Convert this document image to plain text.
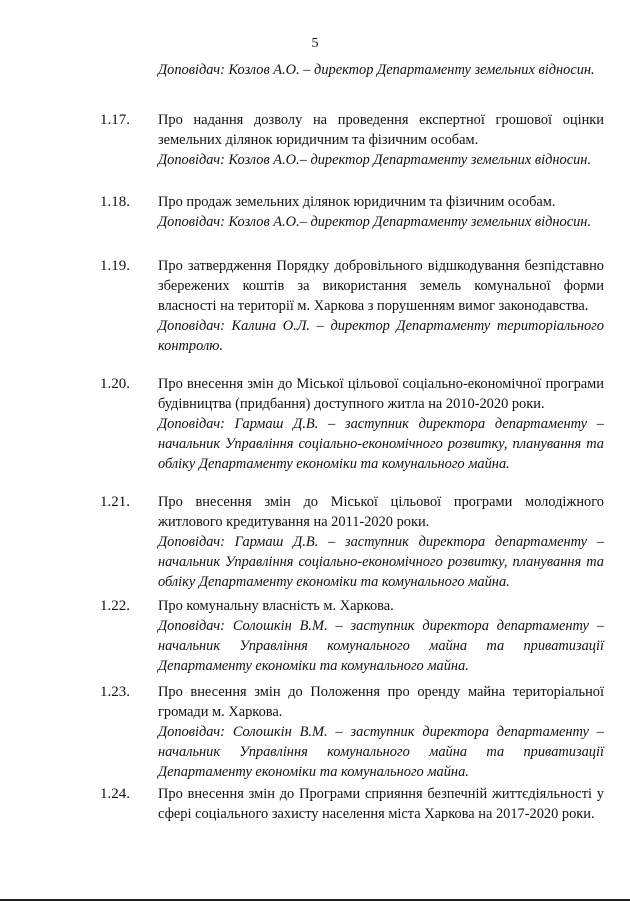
5
Доповідач: Козлов А.О. – директор Департаменту земельних відносин.
1.17.	Про надання дозволу на проведення експертної грошової оцінки земельних ділянок юридичним та фізичним особам.
Доповідач: Козлов А.О.– директор Департаменту земельних відносин.
1.18.	Про продаж земельних ділянок юридичним та фізичним особам.
Доповідач: Козлов А.О.– директор Департаменту земельних відносин.
1.19.	Про затвердження Порядку добровільного відшкодування безпідставно збережених коштів за використання земель комунальної форми власності на території м. Харкова з порушенням вимог законодавства.
Доповідач: Калина О.Л. – директор Департаменту територіального контролю.
1.20.	Про внесення змін до Міської цільової соціально-економічної програми будівництва (придбання) доступного житла на 2010-2020 роки.
Доповідач: Гармаш Д.В. – заступник директора департаменту – начальник Управління соціально-економічного розвитку, планування та обліку Департаменту економіки та комунального майна.
1.21.	Про внесення змін до Міської цільової програми молодіжного житлового кредитування на 2011-2020 роки.
Доповідач: Гармаш Д.В. – заступник директора департаменту – начальник Управління соціально-економічного розвитку, планування та обліку Департаменту економіки та комунального майна.
1.22.	Про комунальну власність м. Харкова.
Доповідач: Солошкін В.М. – заступник директора департаменту – начальник Управління комунального майна та приватизації Департаменту економіки та комунального майна.
1.23.	Про внесення змін до Положення про оренду майна територіальної громади м. Харкова.
Доповідач: Солошкін В.М. – заступник директора департаменту – начальник Управління комунального майна та приватизації Департаменту економіки та комунального майна.
1.24.	Про внесення змін до Програми сприяння безпечній життєдіяльності у сфері соціального захисту населення міста Харкова на 2017-2020 роки.
